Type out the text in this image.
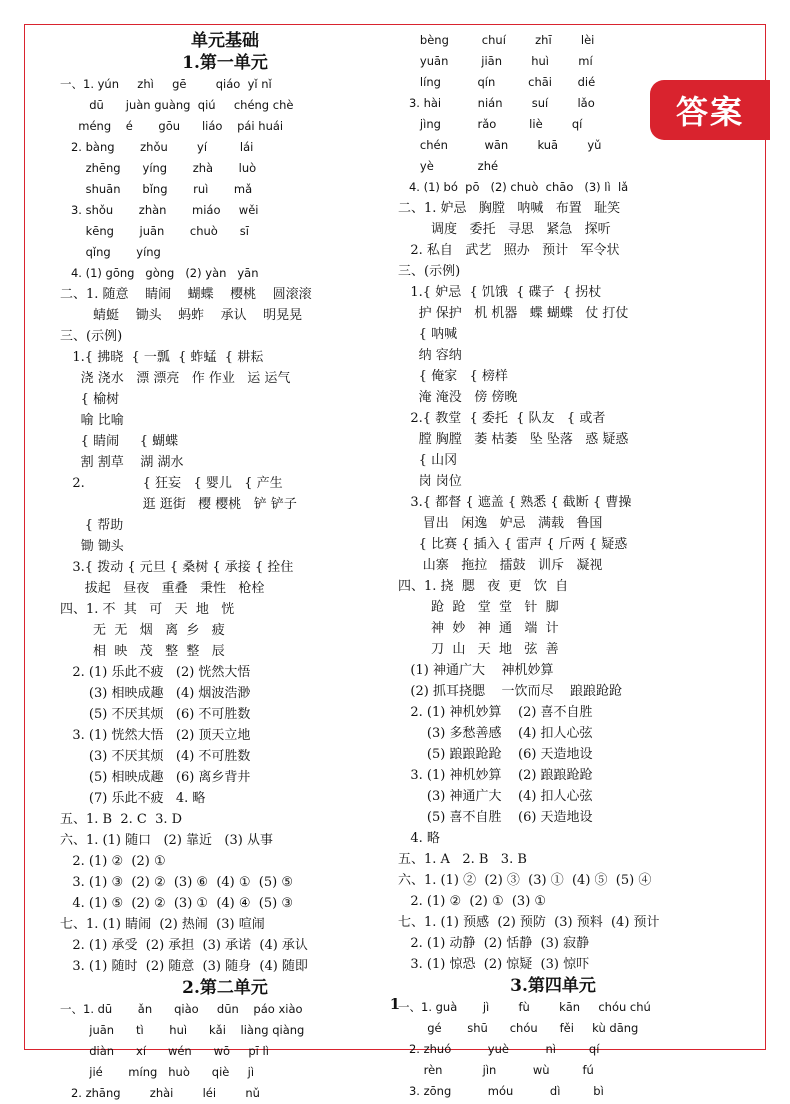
答案
单元基础
1.第一单元
一、1. yún     zhì     gē        qiáo  yǐ nǐ
dū      juàn guàng  qiú     chéng chè
méng    é       gōu      liáo    pái huái
2. bàng       zhǒu        yí         lái
zhēng      yíng       zhà       luò
shuān      bǐng       ruì       mǎ
3. shǒu       zhàn       miáo     wěi
kēng       juān       chuò      sī
qǐng       yíng
4. (1) gōng   gòng   (2) yàn   yān
二、1. 随意    睛闹    蝴蝶    樱桃    圆滚滚
蜻蜓    锄头    蚂蚱    承认    明晃晃
三、(示例)
1.{ 拂晓  { 一瓢  { 蚱蜢  { 耕耘
浇 浇水   漂 漂亮   作 作业   运 运气
{ 榆树
喻 比喻
{ 睛闹     { 蝴蝶
割 割草    湖 湖水
2.              { 狂妄   { 婴儿   { 产生
逛 逛街   樱 樱桃   铲 铲子
{ 帮助
锄 锄头
3.{ 拨动 { 元旦 { 桑树 { 承接 { 拴住
拔起   昼夜   重叠   秉性   枪栓
四、1. 不  其   可   天  地   恍
无  无   烟   离  乡   疲
相  映   茂   整  整   辰
2. (1) 乐此不疲   (2) 恍然大悟
(3) 相映成趣   (4) 烟波浩渺
(5) 不厌其烦   (6) 不可胜数
3. (1) 恍然大悟   (2) 顶天立地
(3) 不厌其烦   (4) 不可胜数
(5) 相映成趣   (6) 离乡背井
(7) 乐此不疲   4. 略
五、1. B  2. C  3. D
六、1. (1) 随口   (2) 靠近   (3) 从事
2. (1) ②  (2) ①
3. (1) ③  (2) ②  (3) ⑥  (4) ①  (5) ⑤
4. (1) ⑤  (2) ②  (3) ①  (4) ④  (5) ③
七、1. (1) 睛闹  (2) 热闹  (3) 喧闹
2. (1) 承受  (2) 承担  (3) 承诺  (4) 承认
3. (1) 随时  (2) 随意  (3) 随身  (4) 随即
2.第二单元
一、1. dū       ǎn      qiào     dūn    páo xiào
juān      tì       huì      kǎi    liàng qiàng
diàn      xí      wén      wō     pī lì
jié       míng   huò      qiè     jì
2. zhāng        zhài        léi        nǔ
bèng         chuí        zhī        lèi
yuān         jiān        huì        mí
líng          qín         chāi       dié
3. hài          nián        suí        lǎo
jìng          rǎo         liè        qí
chén          wān        kuā        yǔ
yè            zhé
4. (1) bó  pō   (2) chuò  chāo   (3) lì  lǎ
二、1. 妒忌   胸膛   呐喊   布置   耻笑
调度   委托   寻思   紧急   探听
2. 私自   武艺   照办   预计   军令状
三、(示例)
1.{ 妒忌  { 饥饿  { 碟子  { 拐杖
护 保护   机 机器   蝶 蝴蝶   仗 打仗
{ 呐喊
纳 容纳
{ 俺家   { 榜样
淹 淹没   傍 傍晚
2.{ 教堂  { 委托  { 队友   { 或者
膛 胸膛   萎 枯萎   坠 坠落   惑 疑惑
{ 山冈
岗 岗位
3.{ 都督 { 遮盖 { 熟悉 { 截断 { 曹操
冒出   闲逸   妒忌   满载   鲁国
{ 比赛 { 插入 { 雷声 { 斤两 { 疑惑
山寨   拖拉   擂鼓   训斥   凝视
四、1. 挠  腮   夜  更   饮  自
跄  跄   堂  堂   针  脚
神  妙   神  通   端  计
刀  山   天  地   弦  善
(1) 神通广大    神机妙算
(2) 抓耳挠腮    一饮而尽    踉踉跄跄
2. (1) 神机妙算    (2) 喜不自胜
(3) 多愁善感    (4) 扣人心弦
(5) 踉踉跄跄    (6) 天造地设
3. (1) 神机妙算    (2) 踉踉跄跄
(3) 神通广大    (4) 扣人心弦
(5) 喜不自胜    (6) 天造地设
4. 略
五、1. A   2. B   3. B
六、1. (1) ②  (2) ③  (3) ①  (4) ⑤  (5) ④
2. (1) ②  (2) ①  (3) ①
七、1. (1) 预感  (2) 预防  (3) 预料  (4) 预计
2. (1) 动静  (2) 恬静  (3) 寂静
3. (1) 惊恐  (2) 惊疑  (3) 惊吓
3.第四单元
一、1. guà       jì        fù        kān     chóu chú
gé       shū      chóu      fěi     kù dāng
2. zhuó          yuè          nì         qí
rèn           jìn          wù         fú
3. zōng          móu          dì         bì
1
